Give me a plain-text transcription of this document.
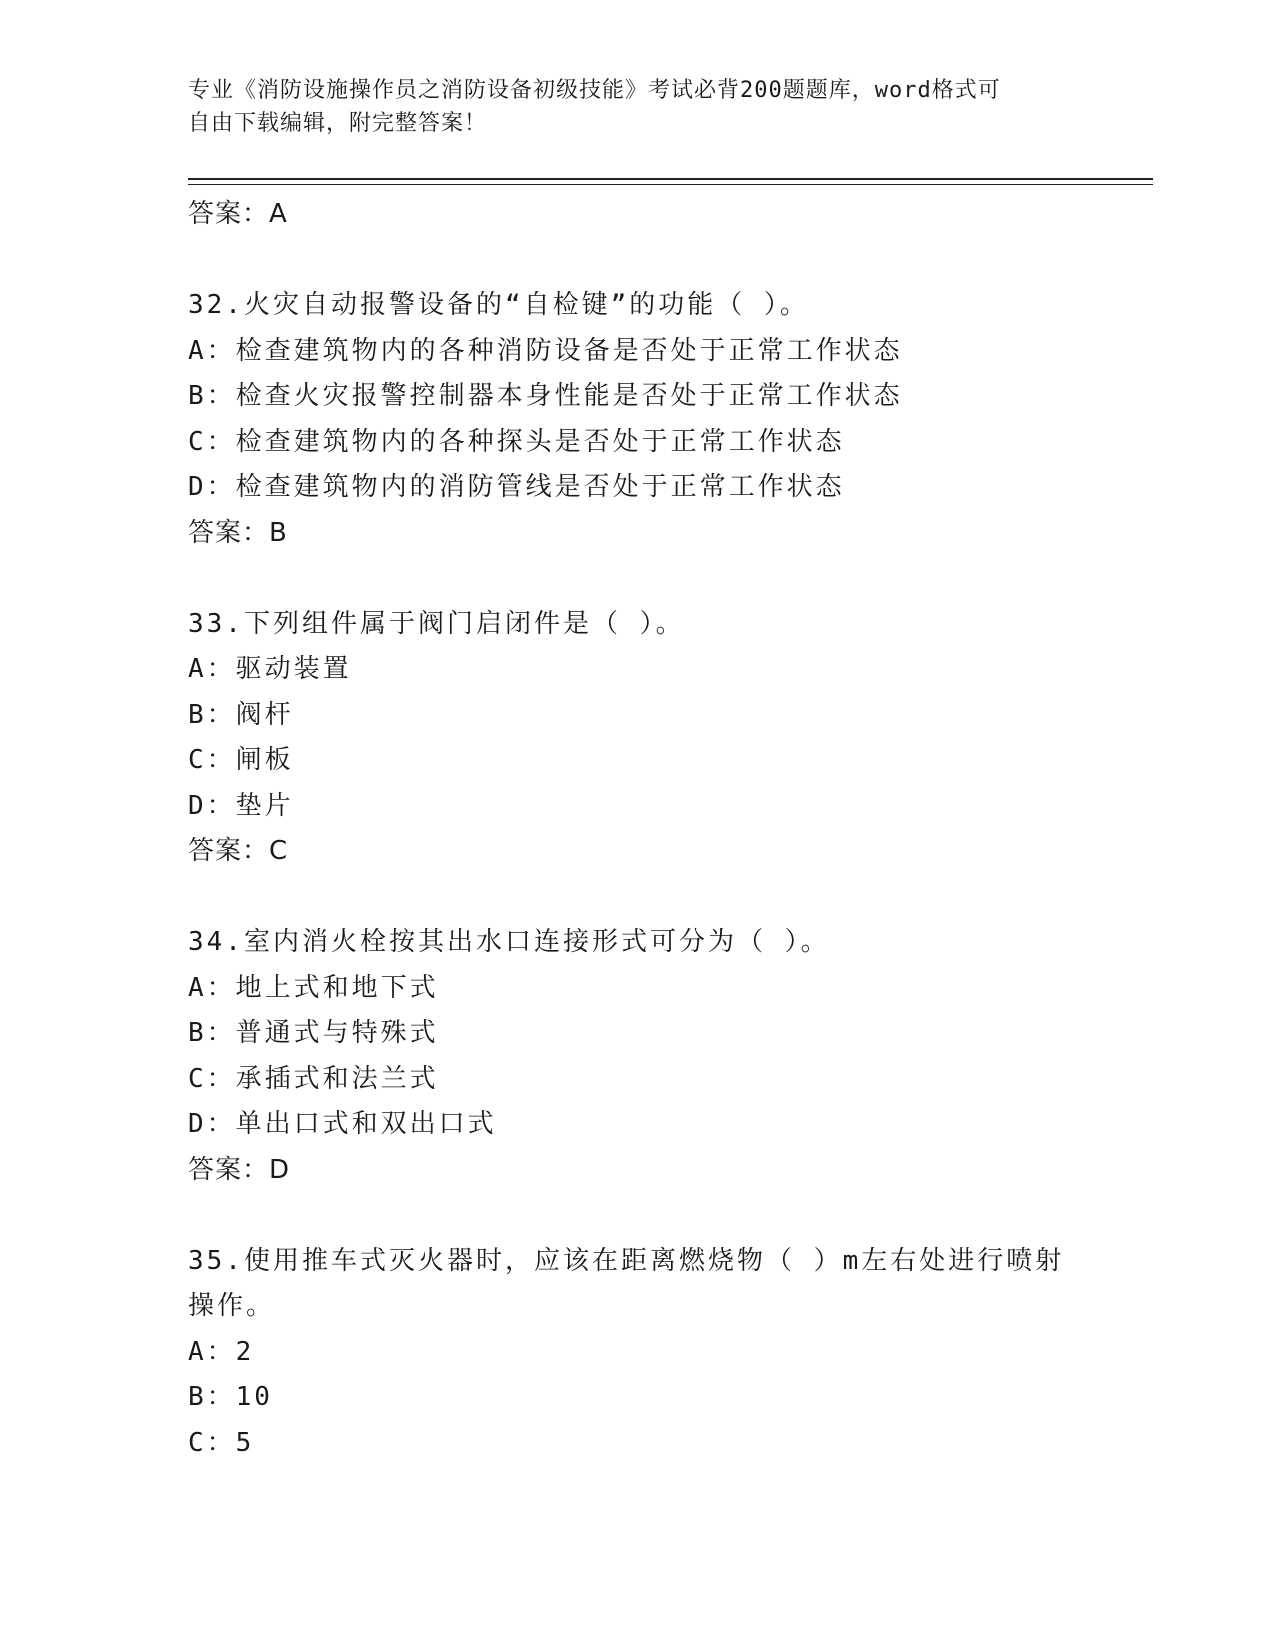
专业《消防设施操作员之消防设备初级技能》考试必背200题题库，word格式可
自由下载编辑，附完整答案！
答案：A
32.火灾自动报警设备的“自检键”的功能（ ）。
A：检查建筑物内的各种消防设备是否处于正常工作状态
B：检查火灾报警控制器本身性能是否处于正常工作状态
C：检查建筑物内的各种探头是否处于正常工作状态
D：检查建筑物内的消防管线是否处于正常工作状态
答案：B
33.下列组件属于阀门启闭件是（ ）。
A：驱动装置
B：阀杆
C：闸板
D：垫片
答案：C
34.室内消火栓按其出水口连接形式可分为（ ）。
A：地上式和地下式
B：普通式与特殊式
C：承插式和法兰式
D：单出口式和双出口式
答案：D
35.使用推车式灭火器时，应该在距离燃烧物（ ）m左右处进行喷射
操作。
A：2
B：10
C：5
